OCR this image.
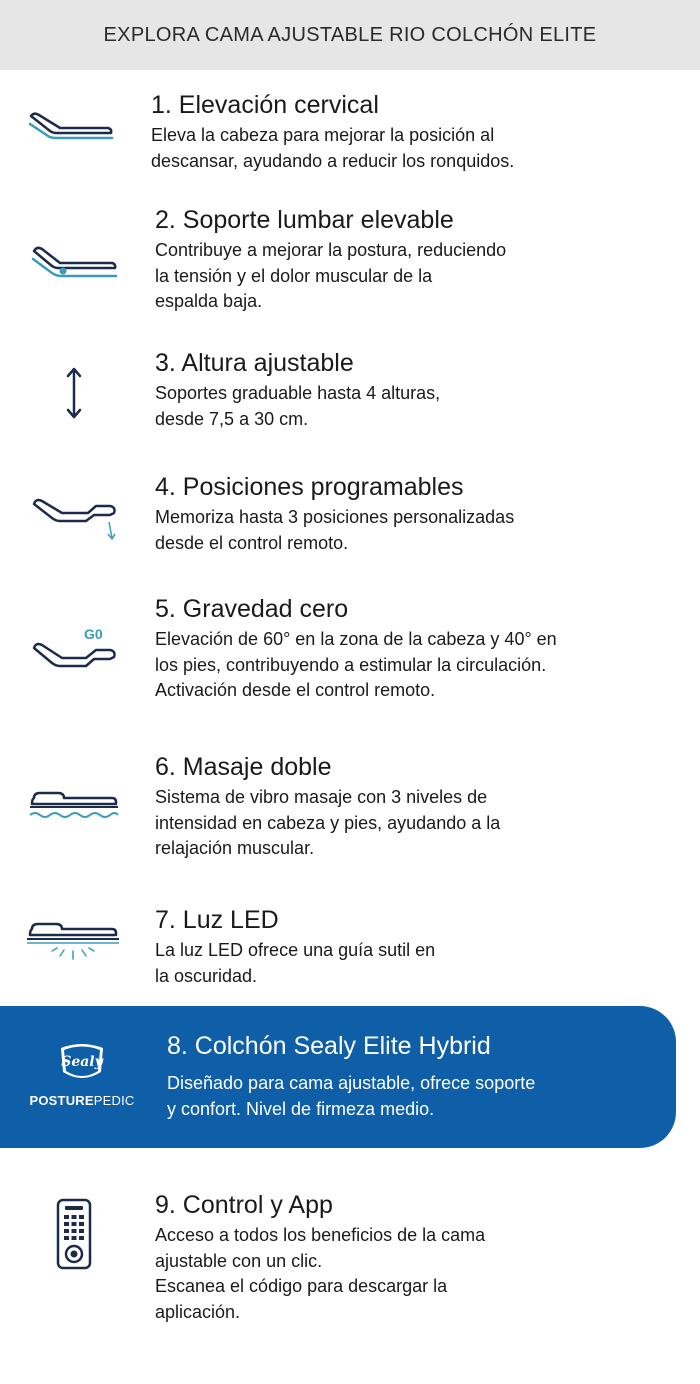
EXPLORA CAMA AJUSTABLE RIO COLCHÓN ELITE
1. Elevación cervical

Eleva la cabeza para mejorar la posición al
descansar, ayudando a reducir los ronquidos.

2. Soporte lumbar elevable

Contribuye a mejorar la postura, reduciendo
la tensión y el dolor muscular de la
espalda baja.

3. Altura ajustable

Soportes graduable hasta 4 alturas,
desde 7,5 a 30 cm.

4. Posiciones programables

Memoriza hasta 3 posiciones personalizadas
desde el control remoto.

G0
5. Gravedad cero

Elevación de 60° en la zona de la cabeza y 40° en
los pies, contribuyendo a estimular la circulación.
Activación desde el control remoto.

6. Masaje doble

Sistema de vibro masaje con 3 niveles de
intensidad en cabeza y pies, ayudando a la
relajación muscular.

7. Luz LED

La luz LED ofrece una guía sutil en
la oscuridad.

Sealy
POSTUREPEDIC
8. Colchón Sealy Elite Hybrid

Diseñado para cama ajustable, ofrece soporte
y confort. Nivel de firmeza medio.

9. Control y App

Acceso a todos los beneficios de la cama
ajustable con un clic.
Escanea el código para descargar la
aplicación.
